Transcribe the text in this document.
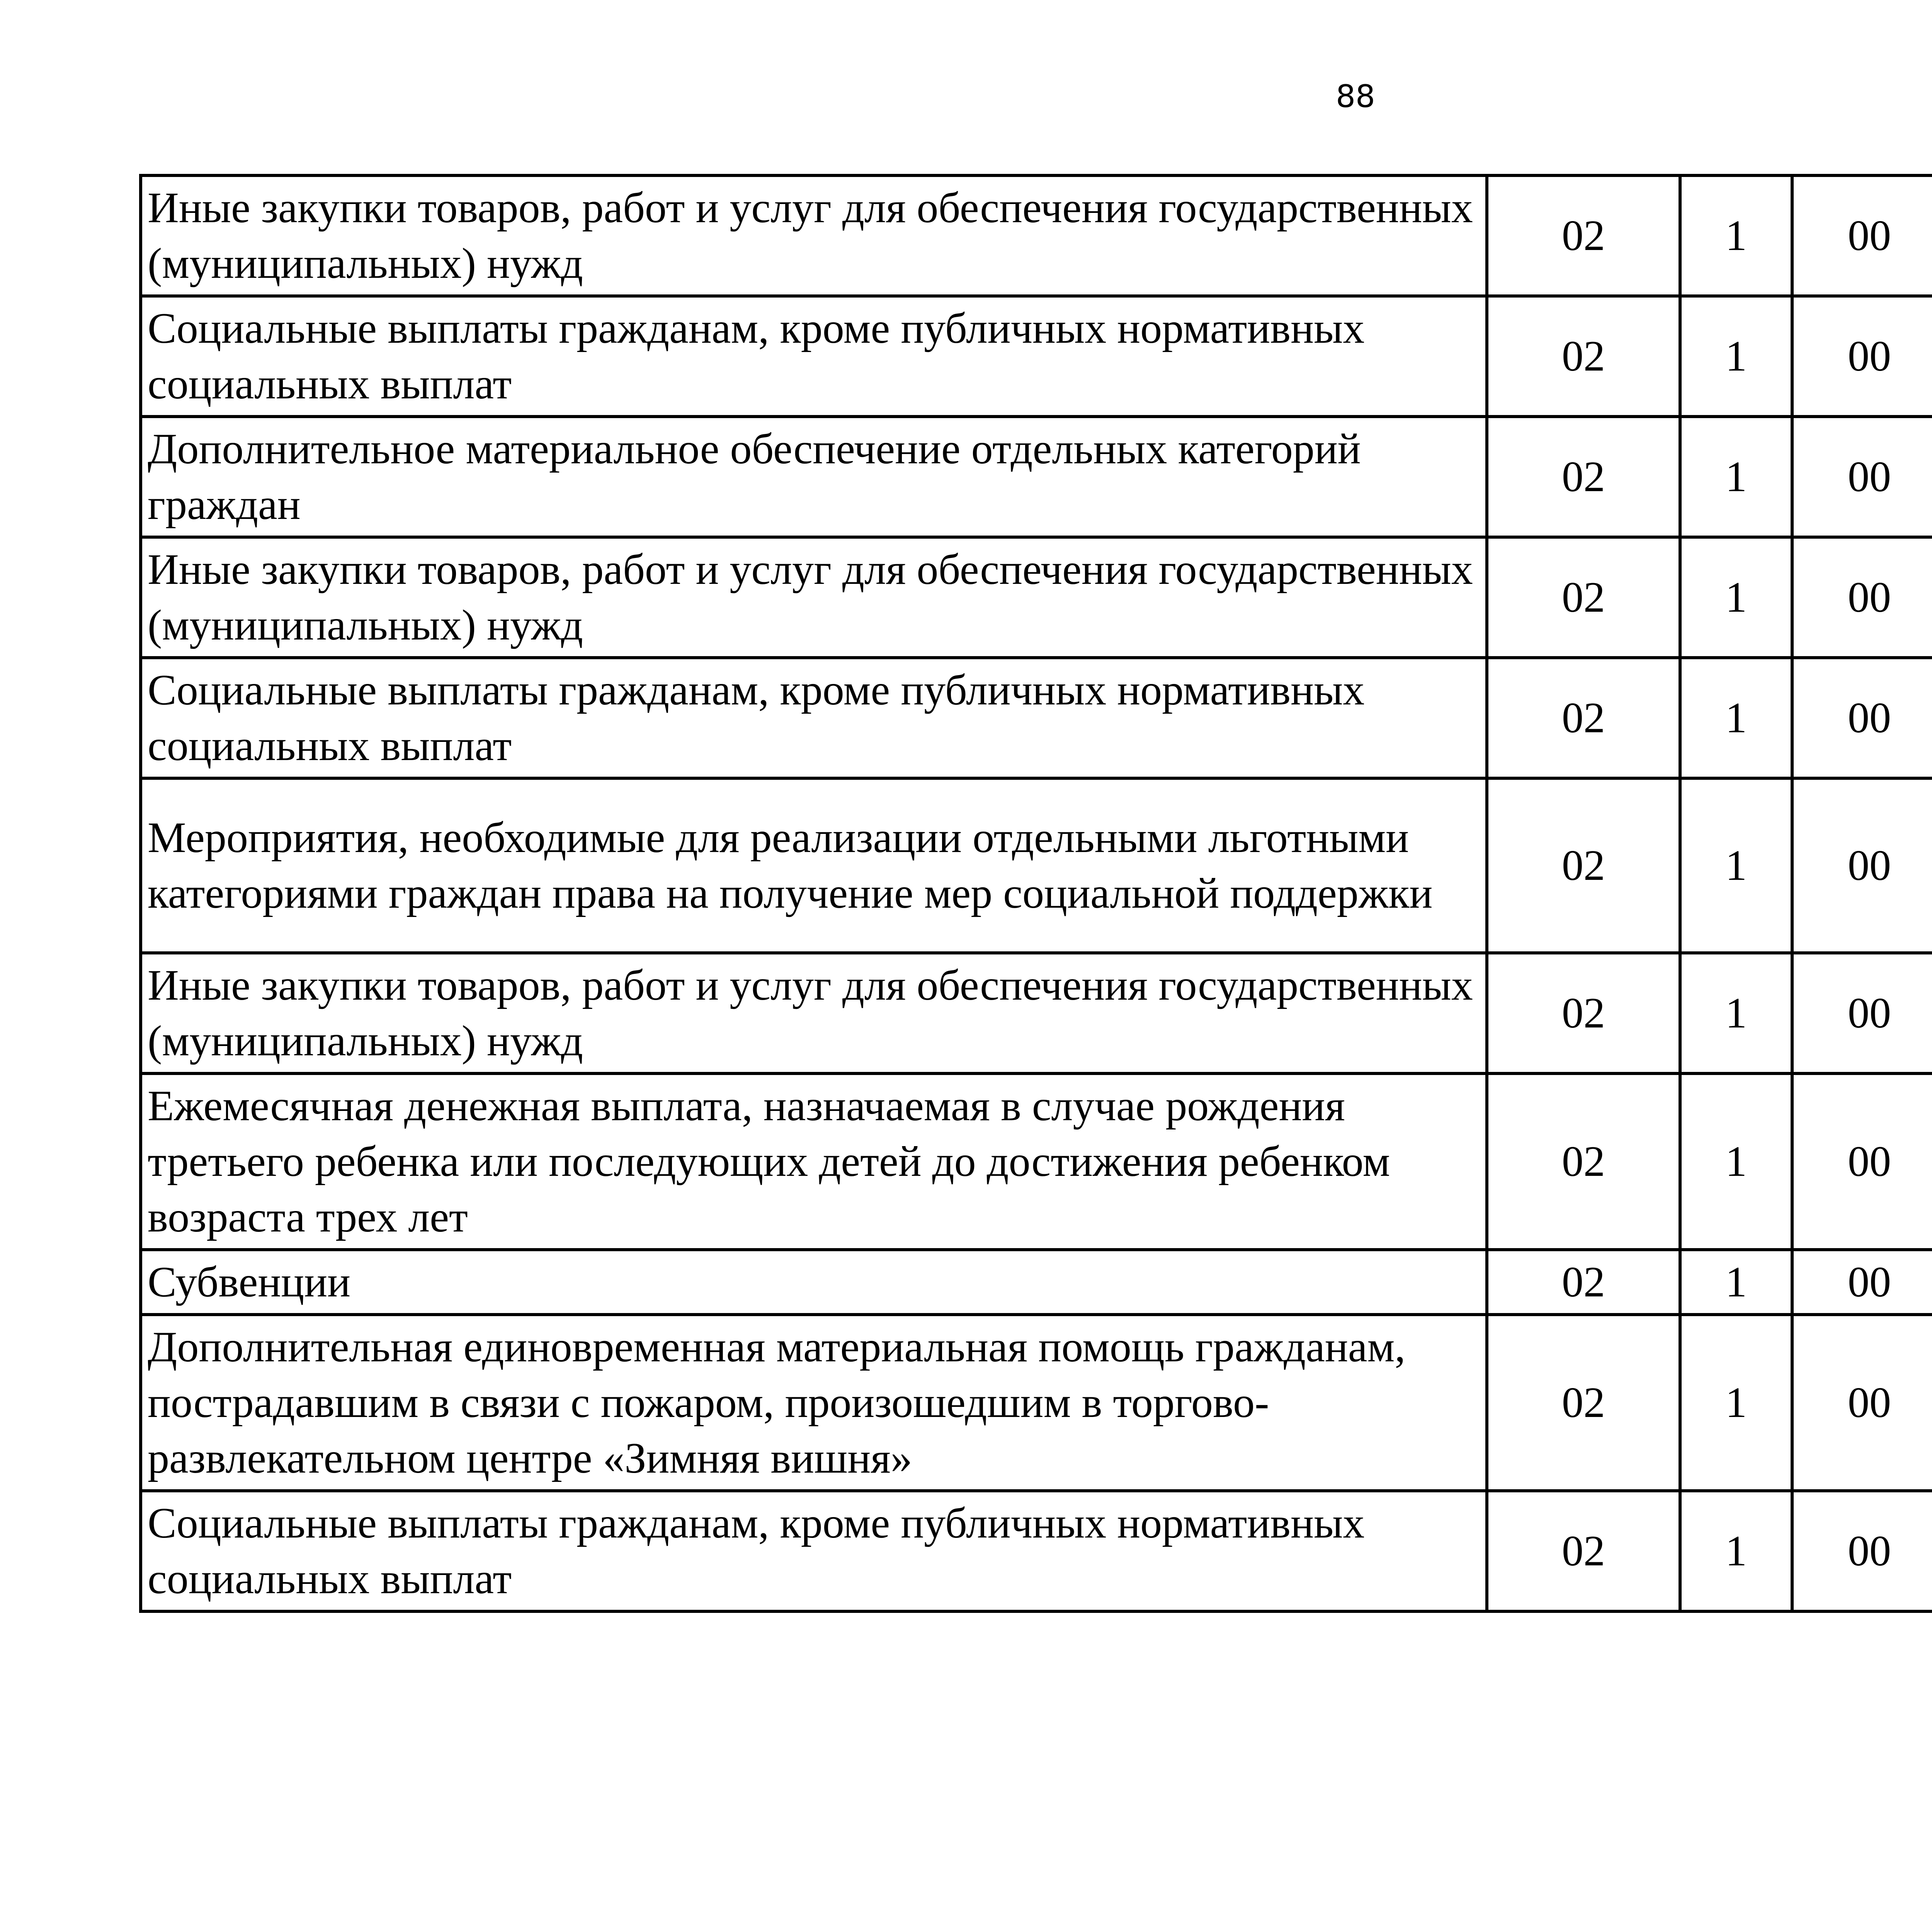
88
Иные закупки товаров, работ и услуг для обеспечения государственных (муниципальных) нужд	02	1	00			
Социальные выплаты гражданам, кроме публичных нормативных социальных выплат	02	1	00			
Дополнительное материальное обеспечение отдельных категорий граждан	02	1	00			
Иные закупки товаров, работ и услуг для обеспечения государственных (муниципальных) нужд	02	1	00			
Социальные выплаты гражданам, кроме публичных нормативных социальных выплат	02	1	00			
Мероприятия, необходимые для реализации отдельными льготными категориями граждан права на получение мер социальной поддержки	02	1	00			
Иные закупки товаров, работ и услуг для обеспечения государственных (муниципальных) нужд	02	1	00			
Ежемесячная денежная выплата, назначаемая в случае рождения третьего ребенка или последующих детей до достижения ребенком возраста трех лет	02	1	00			
Субвенции	02	1	00			
Дополнительная единовременная материальная помощь гражданам, пострадавшим в связи с пожаром, произошедшим в торгово-развлекательном центре «Зимняя вишня»	02	1	00			
Социальные выплаты гражданам, кроме публичных нормативных социальных выплат	02	1	00			
